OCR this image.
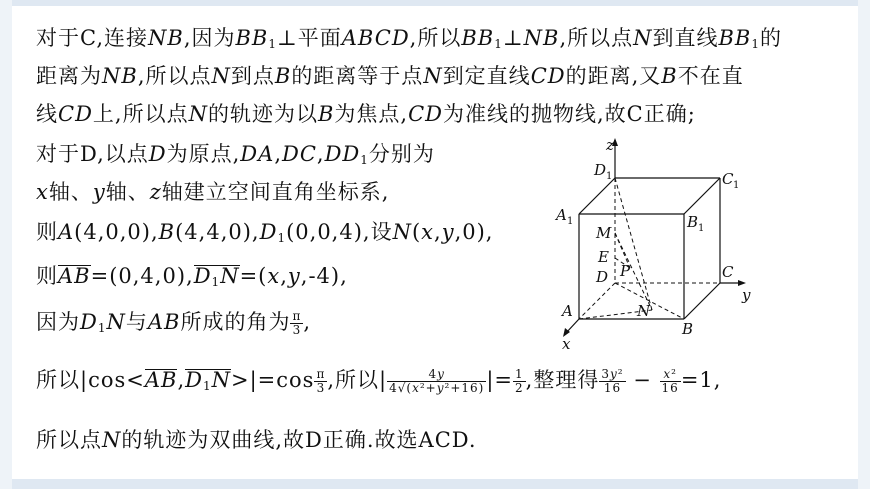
对于C,连接NB,因为$BB_1\perp$平面ABCD,所以$BB_1\perp NB$,所以点N到直线$BB_1$的
距离为NB,所以点N到点B的距离等于点N到定直线CD的距离,又B不在直
线CD上,所以点N的轨迹为以B为焦点,CD为准线的抛物线,故C正确;
对于D,以点D为原点$,DA,DC,DD_1$分别为
x轴、y轴、z轴建立空间直角坐标系,
则$A(4,0,0),B(4,4,0),D_1(0,0,4)$,设N(x,y,0),
则$AB=(0,4,0),D_1N=(x,y,-4)$,
因为$D_1N$与AB所成的角为 $\frac{\pi}{3}$ ,
所以$|\cos<AB,D_1N>|=\cos \frac{\pi}{3}$ ,所以| $\frac{4y}{\text{4√(x²+y²+16)}}$ |= $\frac{1}{2}$ ,整理得 $\frac{\text{3y²}}{16} - \frac{\text{x²}}{16} =1$,
所以点N的轨迹为双曲线,故D正确.故选ACD.
z
y
x
D 1	C 1
A 1	B 1
M
E
P
D	C
A	N
B
